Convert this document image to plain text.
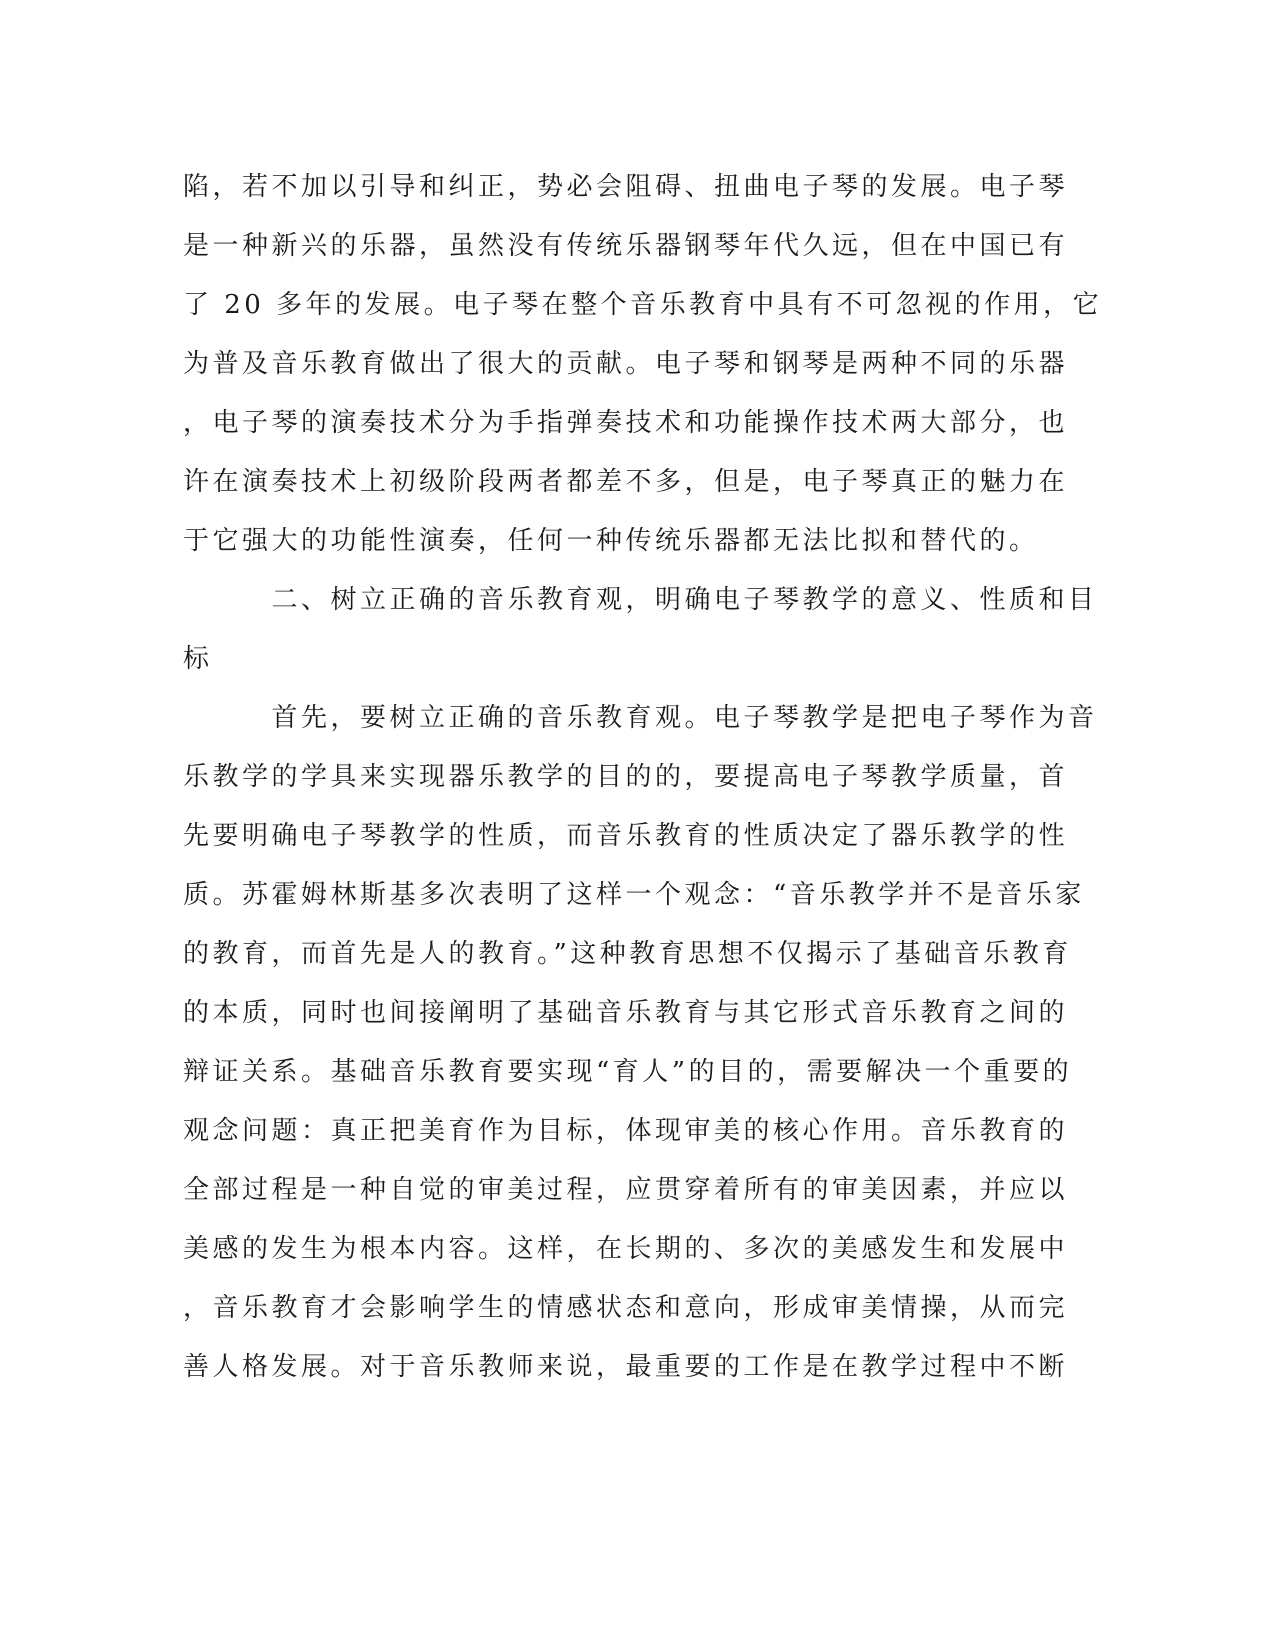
陷，若不加以引导和纠正，势必会阻碍、扭曲电子琴的发展。电子琴
是一种新兴的乐器，虽然没有传统乐器钢琴年代久远，但在中国已有
了 20 多年的发展。电子琴在整个音乐教育中具有不可忽视的作用，它
为普及音乐教育做出了很大的贡献。电子琴和钢琴是两种不同的乐器
，电子琴的演奏技术分为手指弹奏技术和功能操作技术两大部分，也
许在演奏技术上初级阶段两者都差不多，但是，电子琴真正的魅力在
于它强大的功能性演奏，任何一种传统乐器都无法比拟和替代的。
　　　二、树立正确的音乐教育观，明确电子琴教学的意义、性质和目
标
　　　首先，要树立正确的音乐教育观。电子琴教学是把电子琴作为音
乐教学的学具来实现器乐教学的目的的，要提高电子琴教学质量，首
先要明确电子琴教学的性质，而音乐教育的性质决定了器乐教学的性
质。苏霍姆林斯基多次表明了这样一个观念：“音乐教学并不是音乐家
的教育，而首先是人的教育。”这种教育思想不仅揭示了基础音乐教育
的本质，同时也间接阐明了基础音乐教育与其它形式音乐教育之间的
辩证关系。基础音乐教育要实现“育人”的目的，需要解决一个重要的
观念问题：真正把美育作为目标，体现审美的核心作用。音乐教育的
全部过程是一种自觉的审美过程，应贯穿着所有的审美因素，并应以
美感的发生为根本内容。这样，在长期的、多次的美感发生和发展中
，音乐教育才会影响学生的情感状态和意向，形成审美情操，从而完
善人格发展。对于音乐教师来说，最重要的工作是在教学过程中不断
